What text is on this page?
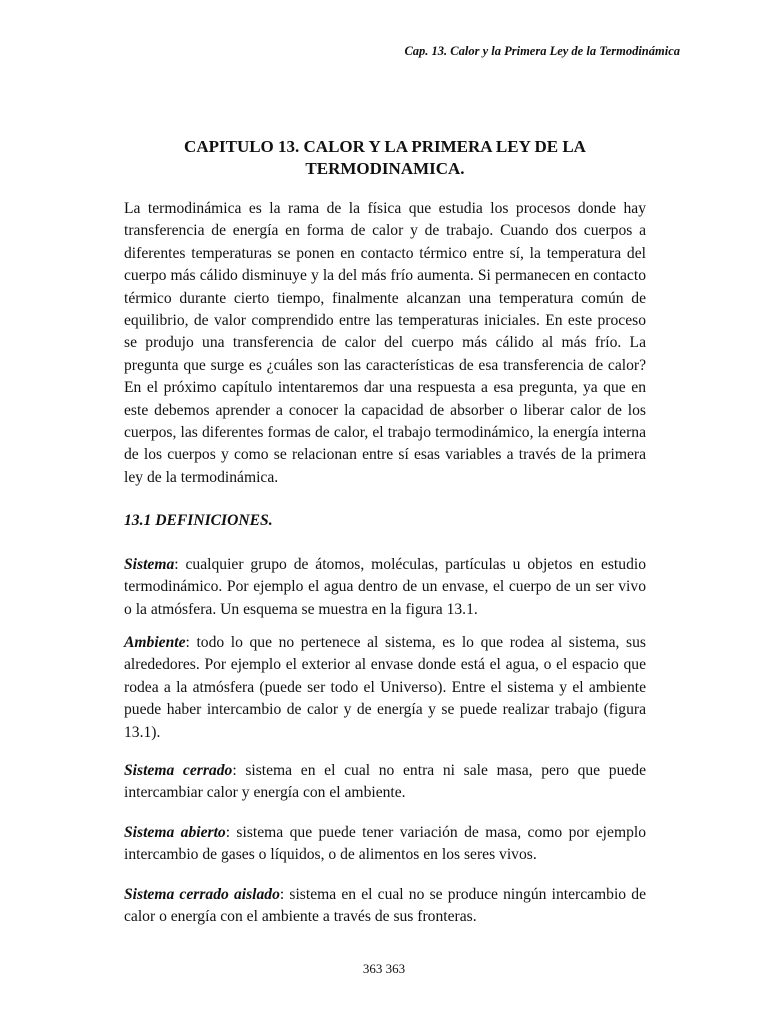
Cap. 13. Calor y la Primera Ley de la Termodinámica
CAPITULO 13. CALOR Y LA PRIMERA LEY DE LA
TERMODINAMICA.

La termodinámica es la rama de la física que estudia los procesos donde hay transferencia de energía en forma de calor y de trabajo. Cuando dos cuerpos a diferentes temperaturas se ponen en contacto térmico entre sí, la temperatura del cuerpo más cálido disminuye y la del más frío aumenta. Si permanecen en contacto térmico durante cierto tiempo, finalmente alcanzan una temperatura común de equilibrio, de valor comprendido entre las temperaturas iniciales. En este proceso se produjo una transferencia de calor del cuerpo más cálido al más frío. La pregunta que surge es ¿cuáles son las características de esa transferencia de calor? En el próximo capítulo intentaremos dar una respuesta a esa pregunta, ya que en este debemos aprender a conocer la capacidad de absorber o liberar calor de los cuerpos, las diferentes formas de calor, el trabajo termodinámico, la energía interna de los cuerpos y como se relacionan entre sí esas variables a través de la primera ley de la termodinámica.

13.1 DEFINICIONES.

Sistema: cualquier grupo de átomos, moléculas, partículas u objetos en estudio termodinámico. Por ejemplo el agua dentro de un envase, el cuerpo de un ser vivo o la atmósfera. Un esquema se muestra en la figura 13.1.

Ambiente: todo lo que no pertenece al sistema, es lo que rodea al sistema, sus alrededores. Por ejemplo el exterior al envase donde está el agua, o el espacio que rodea a la atmósfera (puede ser todo el Universo). Entre el sistema y el ambiente puede haber intercambio de calor y de energía y se puede realizar trabajo (figura 13.1).

Sistema cerrado: sistema en el cual no entra ni sale masa, pero que puede intercambiar calor y energía con el ambiente.

Sistema abierto: sistema que puede tener variación de masa, como por ejemplo intercambio de gases o líquidos, o de alimentos en los seres vivos.

Sistema cerrado aislado: sistema en el cual no se produce ningún intercambio de calor o energía con el ambiente a través de sus fronteras.

363 363
